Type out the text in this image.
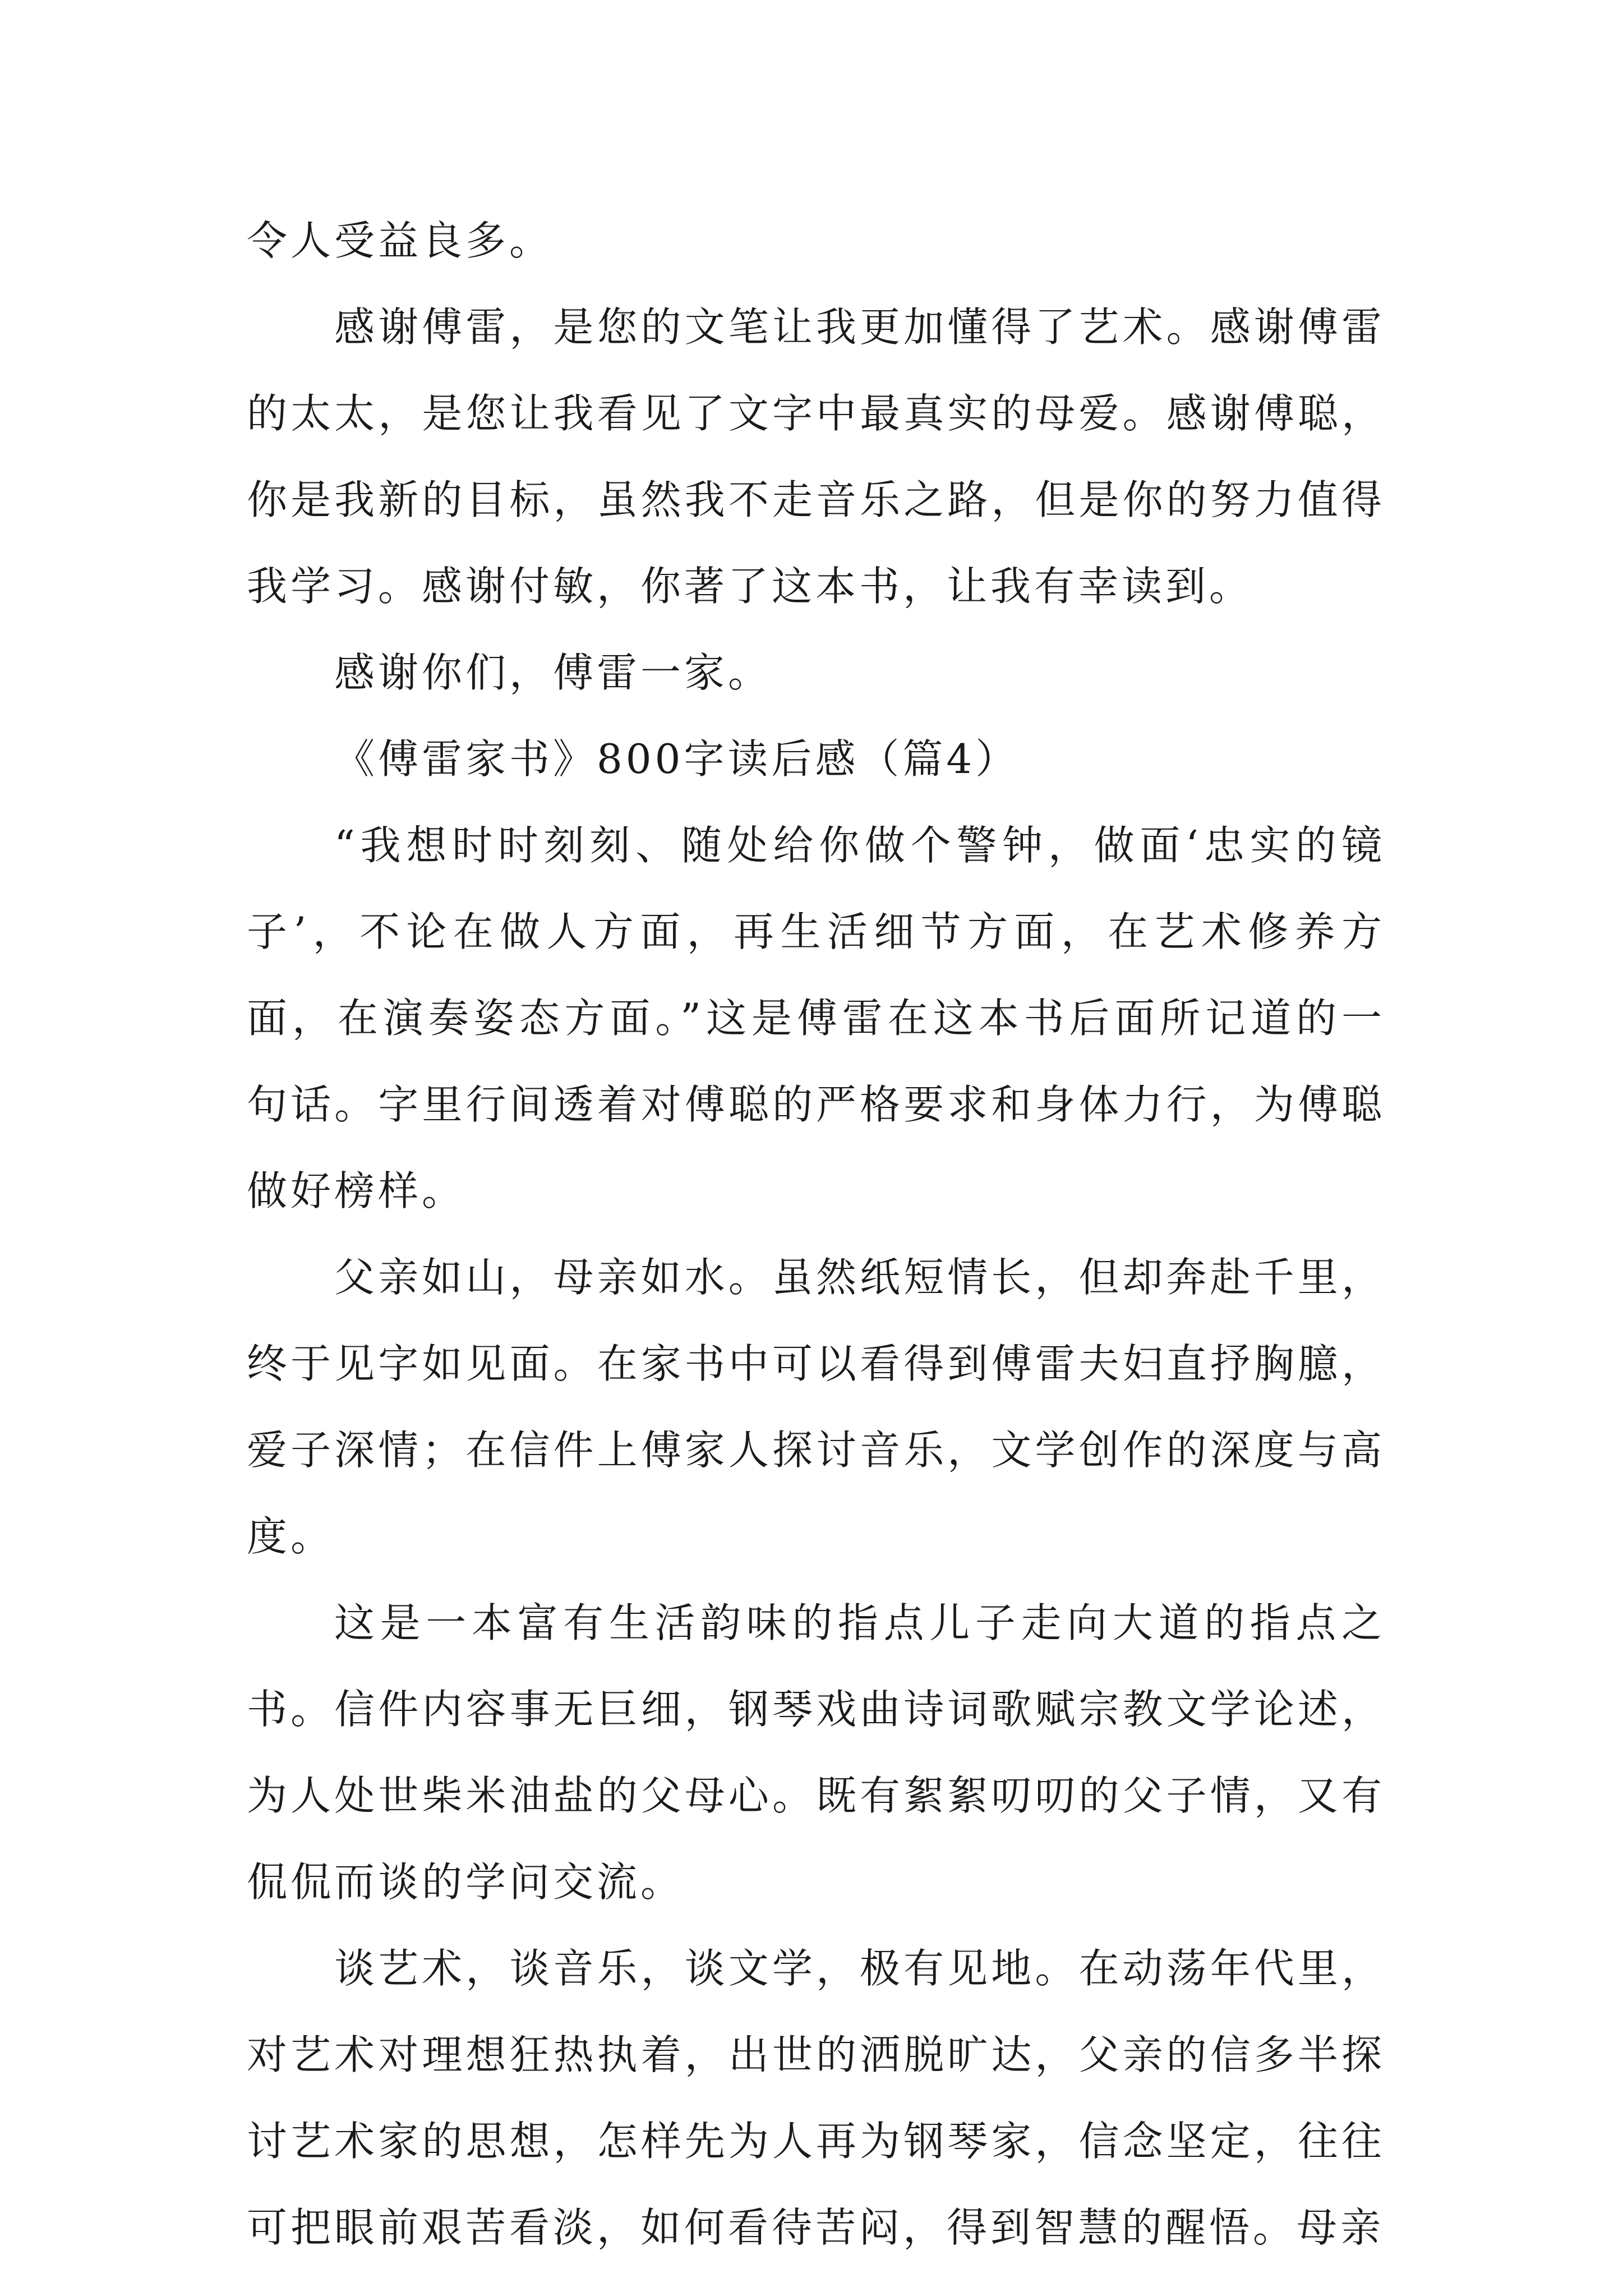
令人受益良多。

感谢傅雷，是您的文笔让我更加懂得了艺术。感谢傅雷的太太，是您让我看见了文字中最真实的母爱。感谢傅聪，你是我新的目标，虽然我不走音乐之路，但是你的努力值得我学习。感谢付敏，你著了这本书，让我有幸读到。

感谢你们，傅雷一家。

《傅雷家书》800字读后感（篇4）

“我想时时刻刻、随处给你做个警钟，做面‘忠实的镜子’，不论在做人方面，再生活细节方面，在艺术修养方面，在演奏姿态方面。”这是傅雷在这本书后面所记道的一句话。字里行间透着对傅聪的严格要求和身体力行，为傅聪做好榜样。

父亲如山，母亲如水。虽然纸短情长，但却奔赴千里，终于见字如见面。在家书中可以看得到傅雷夫妇直抒胸臆，爱子深情；在信件上傅家人探讨音乐，文学创作的深度与高度。

这是一本富有生活韵味的指点儿子走向大道的指点之书。信件内容事无巨细，钢琴戏曲诗词歌赋宗教文学论述，为人处世柴米油盐的父母心。既有絮絮叨叨的父子情，又有侃侃而谈的学问交流。

谈艺术，谈音乐，谈文学，极有见地。在动荡年代里，对艺术对理想狂热执着，出世的洒脱旷达，父亲的信多半探讨艺术家的思想，怎样先为人再为钢琴家，信念坚定，往往可把眼前艰苦看淡，如何看待苦闷，得到智慧的醒悟。母亲
